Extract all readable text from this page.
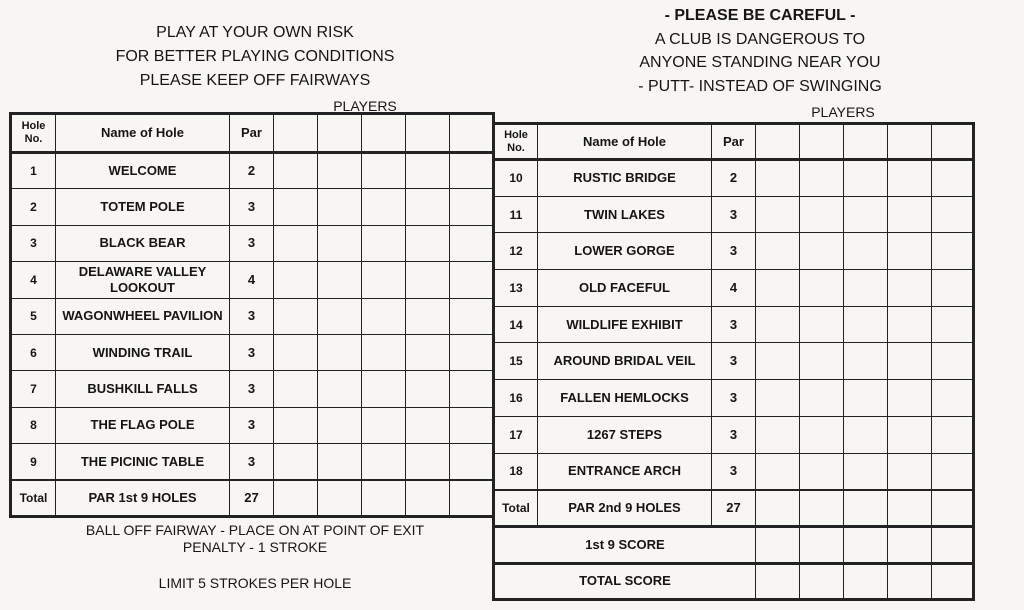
PLAY AT YOUR OWN RISK
FOR BETTER PLAYING CONDITIONS
PLEASE KEEP OFF FAIRWAYS
PLAYERS
- PLEASE BE CAREFUL -
A CLUB IS DANGEROUS TO
ANYONE STANDING NEAR YOU
- PUTT- INSTEAD OF SWINGING
PLAYERS
Hole No.	Name of Hole	Par					
1	WELCOME	2					
2	TOTEM POLE	3					
3	BLACK BEAR	3					
4	DELAWARE VALLEY LOOKOUT	4					
5	WAGONWHEEL PAVILION	3					
6	WINDING TRAIL	3					
7	BUSHKILL FALLS	3					
8	THE FLAG POLE	3					
9	THE PICINIC TABLE	3					
Total	PAR 1st 9 HOLES	27					
Hole No.	Name of Hole	Par					
10	RUSTIC BRIDGE	2					
11	TWIN LAKES	3					
12	LOWER GORGE	3					
13	OLD FACEFUL	4					
14	WILDLIFE EXHIBIT	3					
15	AROUND BRIDAL VEIL	3					
16	FALLEN HEMLOCKS	3					
17	1267 STEPS	3					
18	ENTRANCE ARCH	3					
Total	PAR 2nd 9 HOLES	27					
1st 9 SCORE							
TOTAL SCORE							
BALL OFF FAIRWAY - PLACE ON AT POINT OF EXIT
PENALTY - 1 STROKE
LIMIT 5 STROKES PER HOLE
